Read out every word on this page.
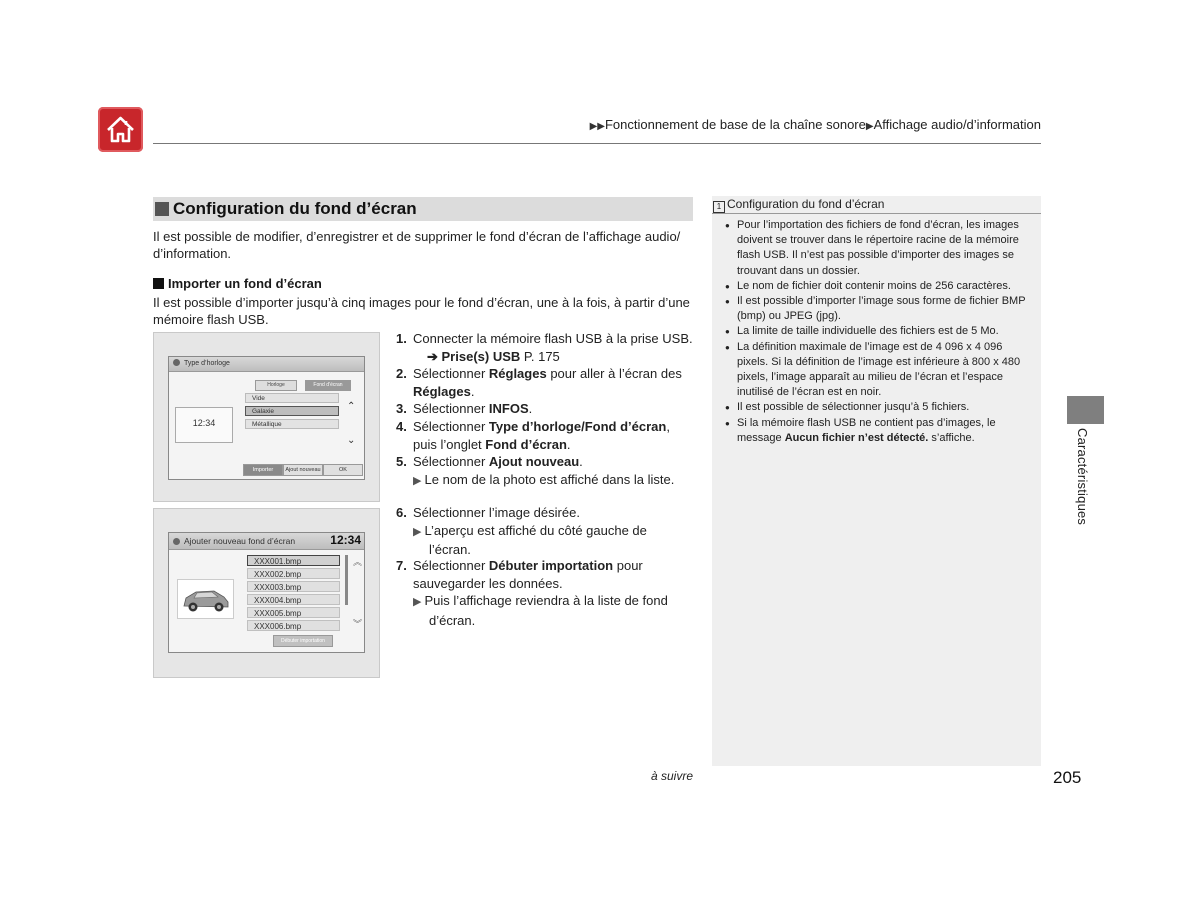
▶▶Fonctionnement de base de la chaîne sonore▶Affichage audio/d’information
Configuration du fond d’écran
Il est possible de modifier, d’enregistrer et de supprimer le fond d’écran de l’affichage audio/ d’information.
Importer un fond d’écran
Il est possible d’importer jusqu’à cinq images pour le fond d’écran, une à la fois, à partir d’une mémoire flash USB.
1. Connecter la mémoire flash USB à la prise USB.
➔ Prise(s) USB P. 175
2. Sélectionner Réglages pour aller à l’écran des
Réglages.
3. Sélectionner INFOS.
4. Sélectionner Type d’horloge/Fond d’écran,
puis l’onglet Fond d’écran.
5. Sélectionner Ajout nouveau.
▶ Le nom de la photo est affiché dans la liste.
6. Sélectionner l’image désirée.
▶ L’aperçu est affiché du côté gauche de
l’écran.
7. Sélectionner Débuter importation pour
sauvegarder les données.
▶ Puis l’affichage reviendra à la liste de fond
d’écran.
Type d’horloge
Horloge	Fond d’écran
Vide
Galaxie
Métallique
⌃
⌄
12:34
Importer	Ajout nouveau	OK
Ajouter nouveau fond d’écran	12:34
XXX001.bmp
XXX002.bmp
XXX003.bmp
XXX004.bmp
XXX005.bmp
XXX006.bmp
︽
︾
Débuter importation
1 Configuration du fond d’écran
● Pour l’importation des fichiers de fond d’écran, les images doivent se trouver dans le répertoire racine de la mémoire flash USB. Il n’est pas possible d’importer des images se trouvant dans un dossier.
● Le nom de fichier doit contenir moins de 256 caractères.
● Il est possible d’importer l’image sous forme de fichier BMP (bmp) ou JPEG (jpg).
● La limite de taille individuelle des fichiers est de 5 Mo.
● La définition maximale de l’image est de 4 096 x 4 096 pixels. Si la définition de l’image est inférieure à 800 x 480 pixels, l’image apparaît au milieu de l’écran et l’espace inutilisé de l’écran est en noir.
● Il est possible de sélectionner jusqu’à 5 fichiers.
● Si la mémoire flash USB ne contient pas d’images, le message Aucun fichier n’est détecté. s’affiche.	Caractéristiques
à suivre	205
